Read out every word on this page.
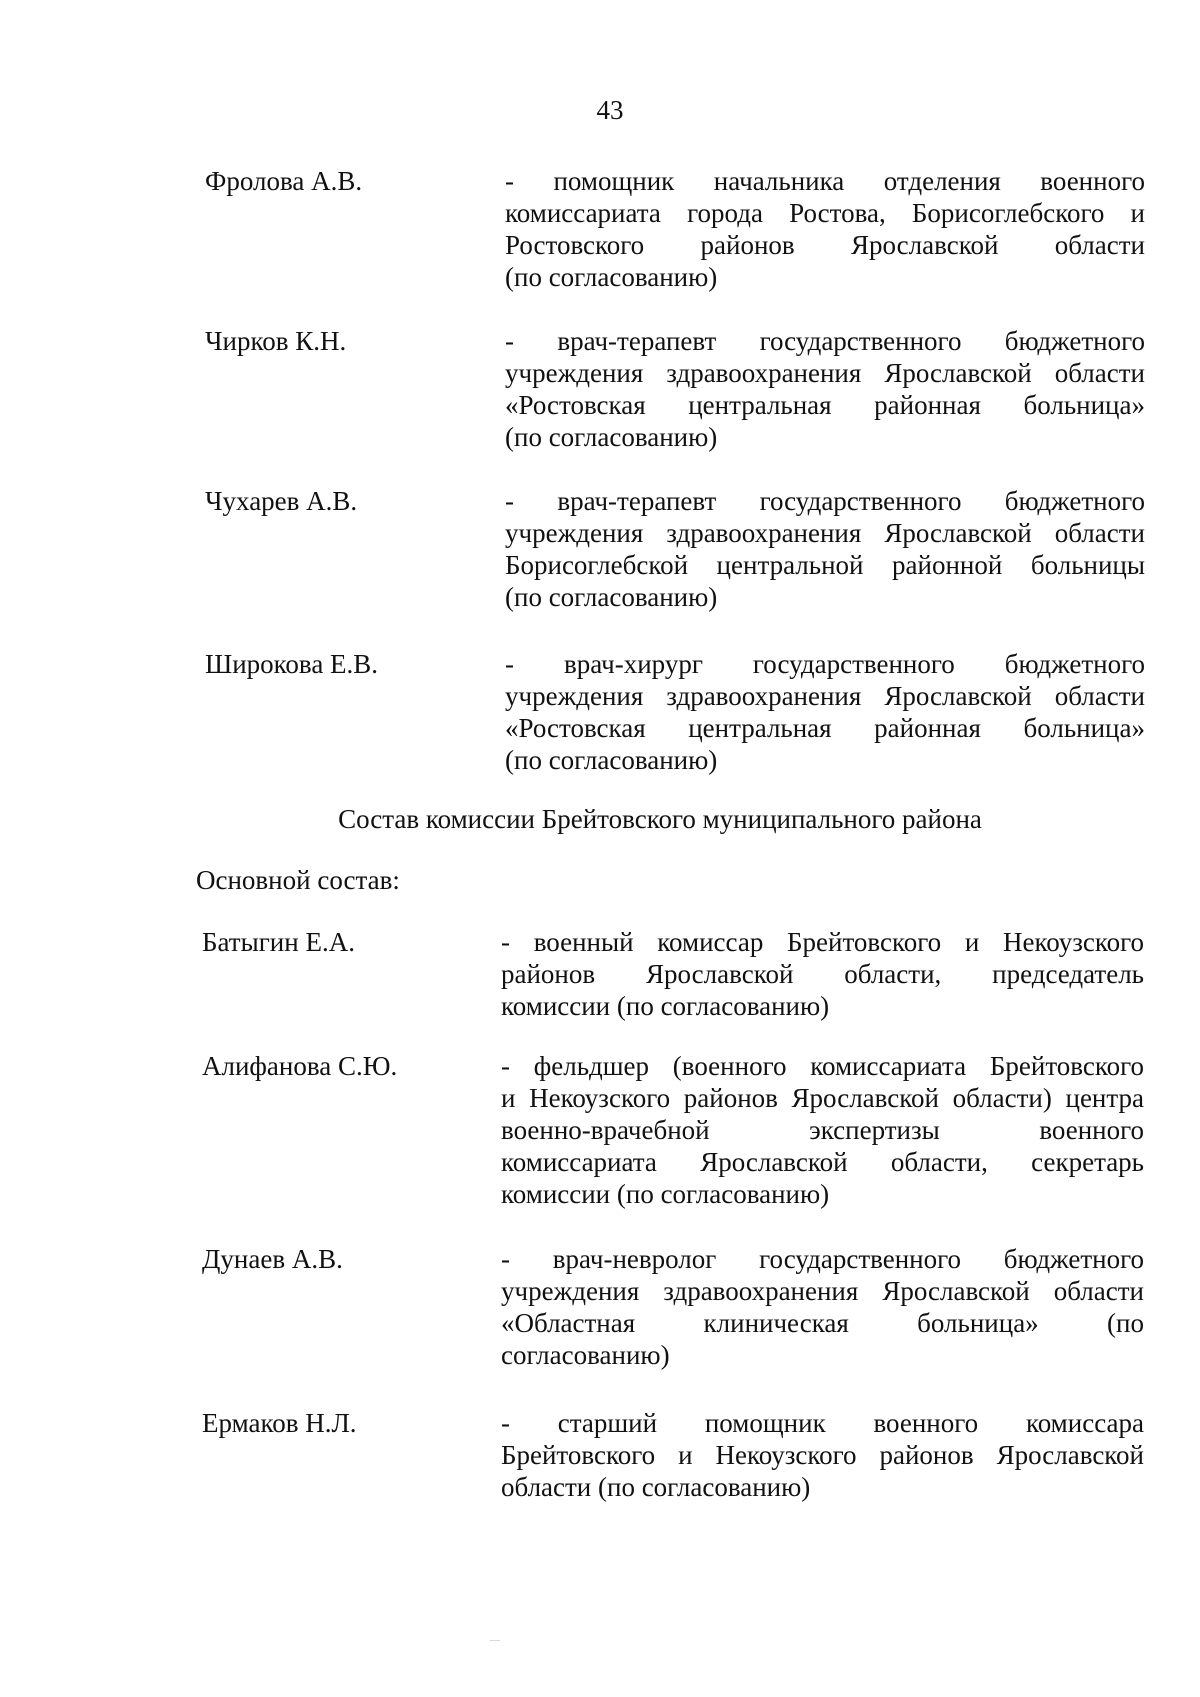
43
Фролова А.В.	- помощник начальника отделения военного
комиссариата города Ростова, Борисоглебского и
Ростовского районов Ярославской области
(по согласованию)
Чирков К.Н.	- врач-терапевт государственного бюджетного
учреждения здравоохранения Ярославской области
«Ростовская центральная районная больница»
(по согласованию)
Чухарев А.В.	- врач-терапевт государственного бюджетного
учреждения здравоохранения Ярославской области
Борисоглебской центральной районной больницы
(по согласованию)
Широкова Е.В.	- врач-хирург государственного бюджетного
учреждения здравоохранения Ярославской области
«Ростовская центральная районная больница»
(по согласованию)
Состав комиссии Брейтовского муниципального района
Основной состав:
Батыгин Е.А.	- военный комиссар Брейтовского и Некоузского
районов Ярославской области, председатель
комиссии (по согласованию)
Алифанова С.Ю.	- фельдшер (военного комиссариата Брейтовского
и Некоузского районов Ярославской области) центра
военно-врачебной экспертизы военного
комиссариата Ярославской области, секретарь
комиссии (по согласованию)
Дунаев А.В.	- врач-невролог государственного бюджетного
учреждения здравоохранения Ярославской области
«Областная клиническая больница» (по
согласованию)
Ермаков Н.Л.	- старший помощник военного комиссара
Брейтовского и Некоузского районов Ярославской
области (по согласованию)
